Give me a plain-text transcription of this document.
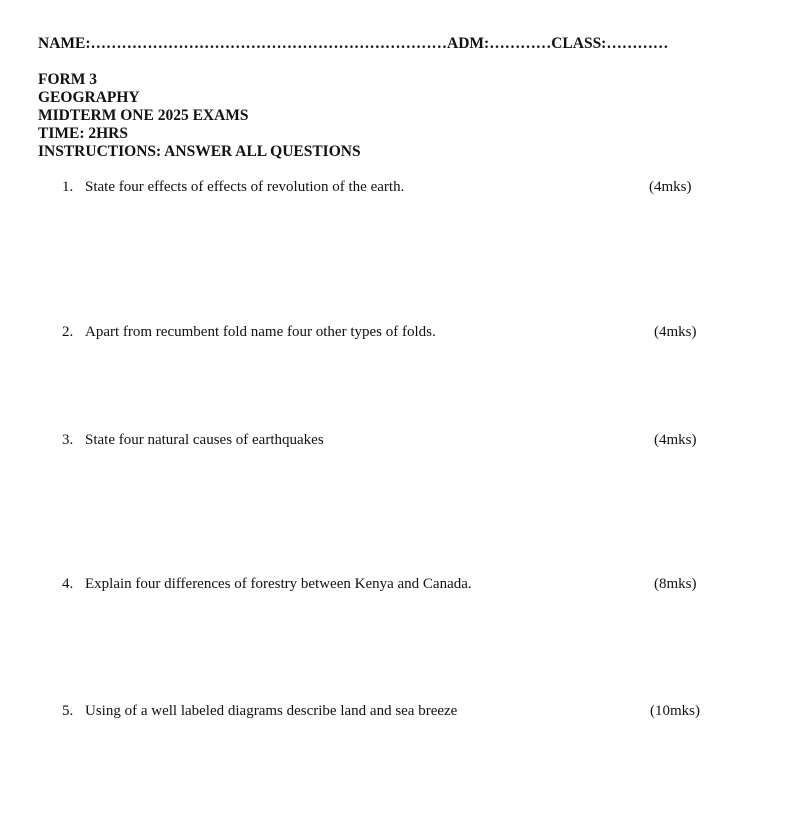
NAME:……………………………………………………………ADM:…………CLASS:…………
FORM 3
GEOGRAPHY
MIDTERM ONE 2025 EXAMS
TIME: 2HRS
INSTRUCTIONS: ANSWER ALL QUESTIONS
1. State four effects of effects of revolution of the earth.	(4mks)
2. Apart from recumbent fold name four other types of folds.	(4mks)
3. State four natural causes of earthquakes	(4mks)
4. Explain four differences of forestry between Kenya and Canada.	(8mks)
5. Using of a well labeled diagrams describe land and sea breeze	(10mks)
